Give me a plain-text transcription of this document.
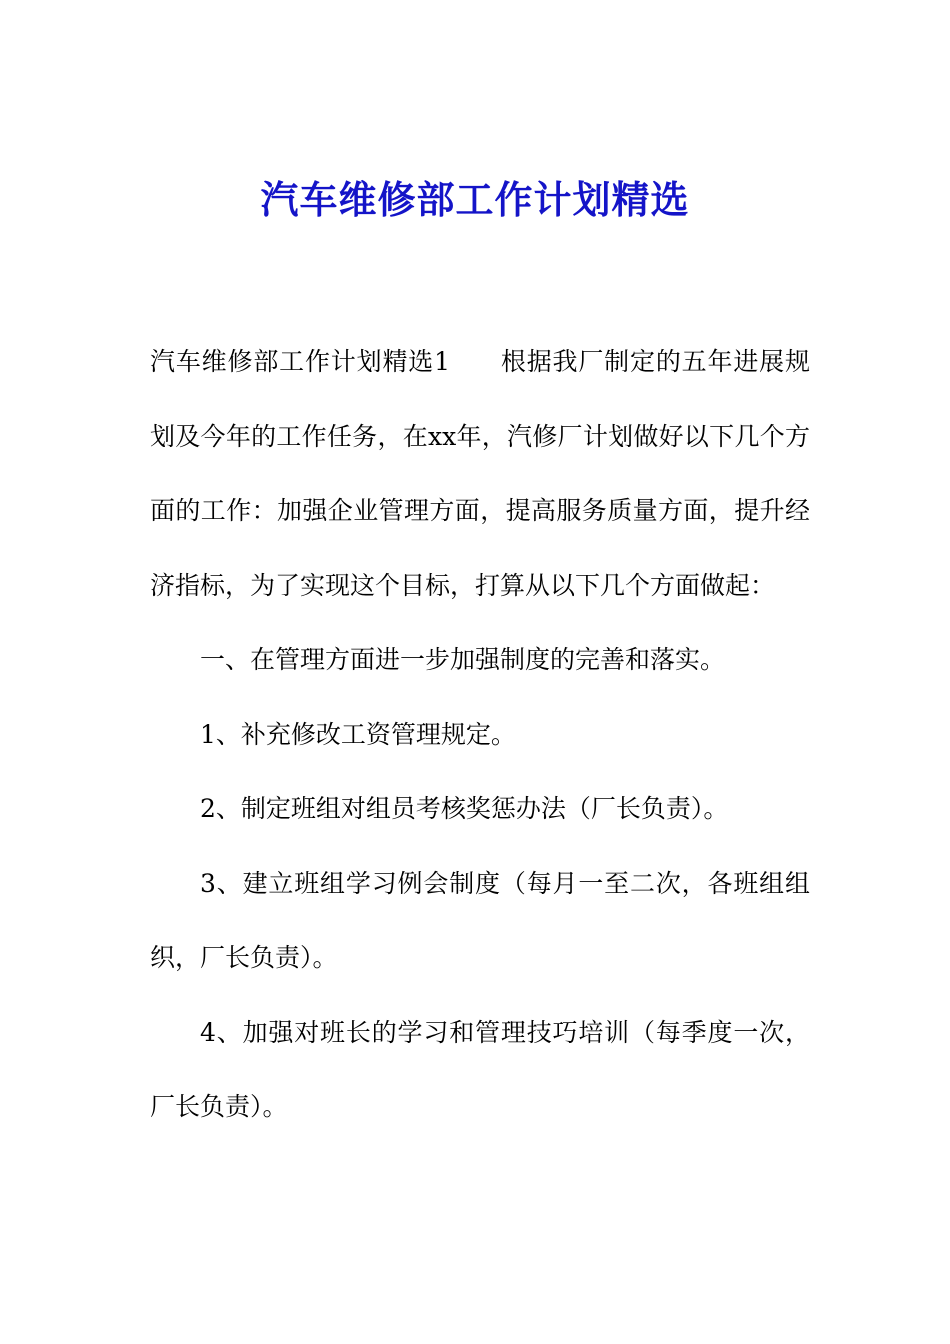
汽车维修部工作计划精选

汽车维修部工作计划精选1 根据我厂制定的五年进展规划及今年的工作任务，在xx年，汽修厂计划做好以下几个方面的工作：加强企业管理方面，提高服务质量方面，提升经济指标，为了实现这个目标，打算从以下几个方面做起：

一、在管理方面进一步加强制度的完善和落实。

1、补充修改工资管理规定。

2、制定班组对组员考核奖惩办法（厂长负责）。

3、建立班组学习例会制度（每月一至二次，各班组组织，厂长负责）。

4、加强对班长的学习和管理技巧培训（每季度一次，厂长负责）。
